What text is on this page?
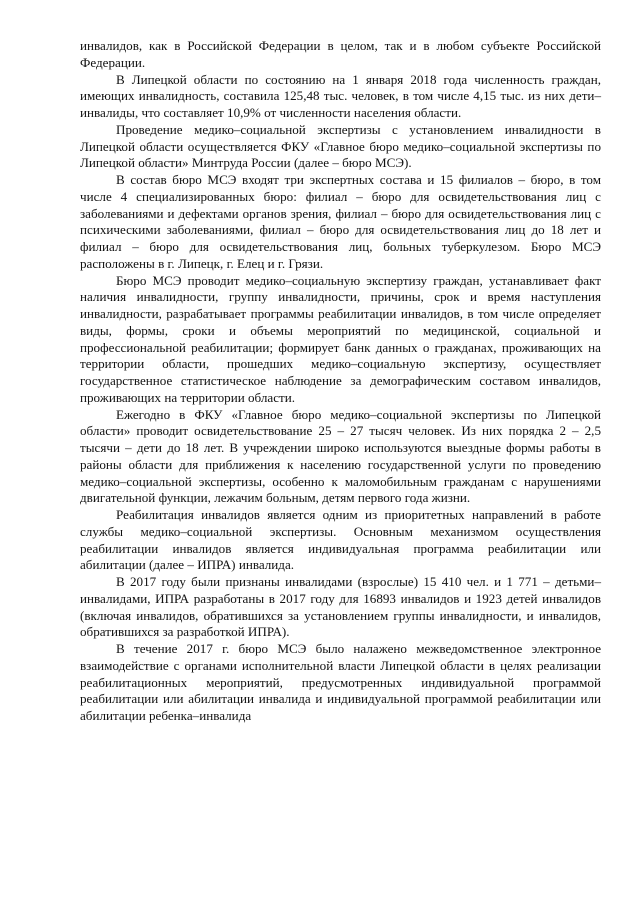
инвалидов, как в Российской Федерации в целом, так и в любом субъекте Российской Федерации.

В Липецкой области по состоянию на 1 января 2018 года численность граждан, имеющих инвалидность, составила 125,48 тыс. человек, в том числе 4,15 тыс. из них дети–инвалиды, что составляет 10,9% от численности населения области.

Проведение медико–социальной экспертизы с установлением инвалидности в Липецкой области осуществляется ФКУ «Главное бюро медико–социальной экспертизы по Липецкой области» Минтруда России (далее – бюро МСЭ).

В состав бюро МСЭ входят три экспертных состава и 15 филиалов – бюро, в том числе 4 специализированных бюро: филиал – бюро для освидетельствования лиц с заболеваниями и дефектами органов зрения, филиал – бюро для освидетельствования лиц с психическими заболеваниями, филиал – бюро для освидетельствования лиц до 18 лет и филиал – бюро для освидетельствования лиц, больных туберкулезом. Бюро МСЭ расположены в г. Липецк, г. Елец и г. Грязи.

Бюро МСЭ проводит медико–социальную экспертизу граждан, устанавливает факт наличия инвалидности, группу инвалидности, причины, срок и время наступления инвалидности, разрабатывает программы реабилитации инвалидов, в том числе определяет виды, формы, сроки и объемы мероприятий по медицинской, социальной и профессиональной реабилитации; формирует банк данных о гражданах, проживающих на территории области, прошедших медико–социальную экспертизу, осуществляет государственное статистическое наблюдение за демографическим составом инвалидов, проживающих на территории области.

Ежегодно в ФКУ «Главное бюро медико–социальной экспертизы по Липецкой области» проводит освидетельствование 25 – 27 тысяч человек. Из них порядка 2 – 2,5 тысячи – дети до 18 лет. В учреждении широко используются выездные формы работы в районы области для приближения к населению государственной услуги по проведению медико–социальной экспертизы, особенно к маломобильным гражданам с нарушениями двигательной функции, лежачим больным, детям первого года жизни.

Реабилитация инвалидов является одним из приоритетных направлений в работе службы медико–социальной экспертизы. Основным механизмом осуществления реабилитации инвалидов является индивидуальная программа реабилитации или абилитации (далее – ИПРА) инвалида.

В 2017 году были признаны инвалидами (взрослые) 15 410 чел. и 1 771 – детьми–инвалидами, ИПРА разработаны в 2017 году для 16893 инвалидов и 1923 детей инвалидов (включая инвалидов, обратившихся за установлением группы инвалидности, и инвалидов, обратившихся за разработкой ИПРА).

В течение 2017 г. бюро МСЭ было налажено межведомственное электронное взаимодействие с органами исполнительной власти Липецкой области в целях реализации реабилитационных мероприятий, предусмотренных индивидуальной программой реабилитации или абилитации инвалида и индивидуальной программой реабилитации или абилитации ребенка–инвалида
